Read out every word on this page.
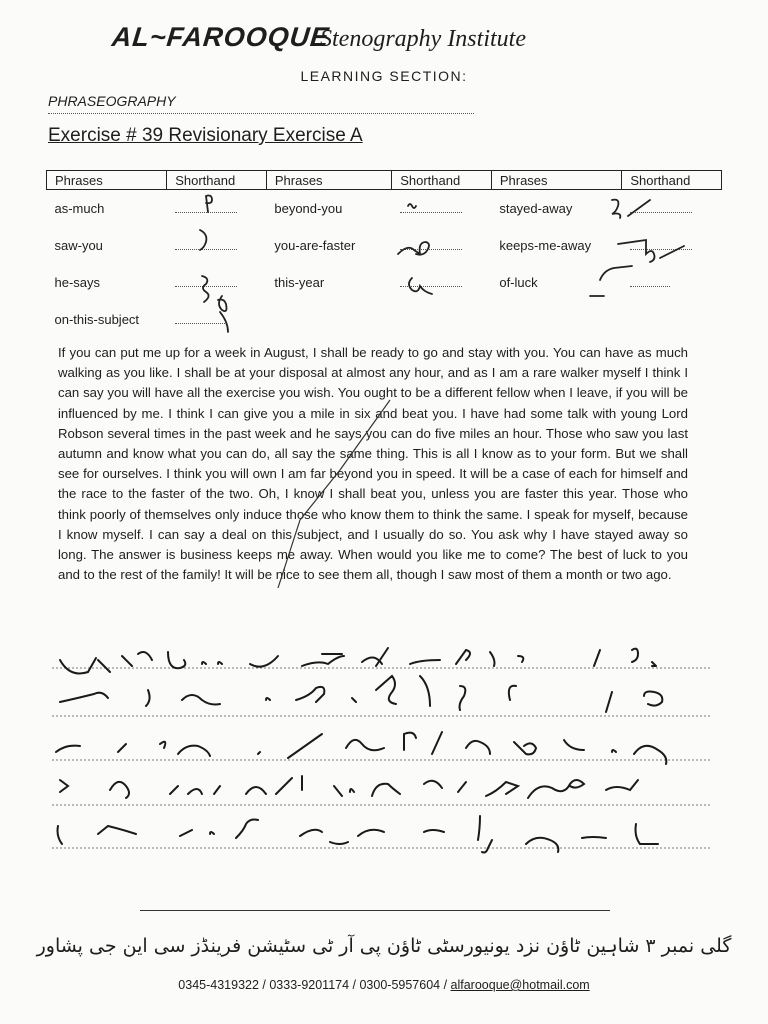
AL~FAROOQUE
Stenography Institute
LEARNING SECTION:
PHRASEOGRAPHY
Exercise # 39 Revisionary Exercise A
Phrases	Shorthand	Phrases	Shorthand	Phrases	Shorthand
as-much		beyond-you		stayed-away	
saw-you		you-are-faster		keeps-me-away	
he-says		this-year		of-luck	
on-this-subject					
If you can put me up for a week in August, I shall be ready to go and stay with you. You can have as much walking as you like. I shall be at your disposal at almost any hour, and as I am a rare walker myself I think I can say you will have all the exercise you wish. You ought to be a different fellow when I leave, if you will be influenced by me. I think I can give you a mile in six and beat you. I have had some talk with young Lord Robson several times in the past week and he says you can do five miles an hour. Those who saw you last autumn and know what you can do, all say the same thing. This is all I know as to your form. But we shall see for ourselves. I think you will own I am far beyond you in speed. It will be a case of each for himself and the race to the faster of the two. Oh, I know I shall beat you, unless you are faster this year. Those who think poorly of themselves only induce those who know them to think the same. I speak for myself, because I know myself. I can say a deal on this subject, and I usually do so. You ask why I have stayed away so long. The answer is business keeps me away. When would you like me to come? The best of luck to you and to the rest of the family! It will be nice to see them all, though I saw most of them a month or two ago.
گلی نمبر ۳ شاہین ٹاؤن نزد یونیورسٹی ٹاؤن پی آر ٹی سٹیشن فرینڈز سی این جی پشاور
0345-4319322 / 0333-9201174 / 0300-5957604 / alfarooque@hotmail.com
